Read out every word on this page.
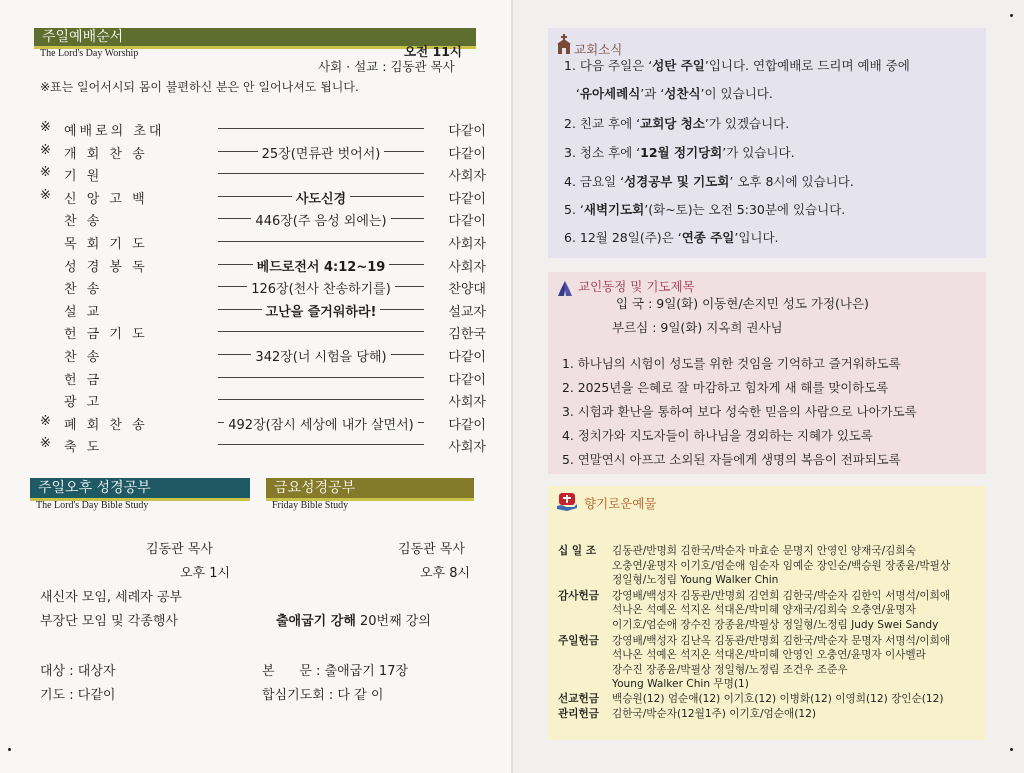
주일예배순서
The Lord's Day Worship	오전 11시
사회 · 설교 : 김동관 목사
※표는 일어서시되 몸이 불편하신 분은 안 일어나셔도 됩니다.
※	예배로의 초대	다같이
※	개 회 찬 송	25장(면류관 벗어서)	다같이
※	기 원	사회자
※	신 앙 고 백	사도신경	다같이
찬 송	446장(주 음성 외에는)	다같이
목 회 기 도	사회자
성 경 봉 독	베드로전서 4:12~19	사회자
찬 송	126장(천사 찬송하기를)	찬양대
설 교	고난을 즐거워하라!	설교자
헌 금 기 도	김한국
찬 송	342장(너 시험을 당해)	다같이
헌 금	다같이
광 고	사회자
※	폐 회 찬 송	492장(잠시 세상에 내가 살면서)	다같이
※	축 도	사회자
주일오후 성경공부
The Lord's Day Bible Study
김동관 목사
오후 1시
새신자 모임, 세례자 공부
부장단 모임 및 각종행사
대상 : 대상자
기도 : 다같이
금요성경공부
Friday Bible Study
김동관 목사
오후 8시
출애굽기 강해 20번째 강의
본      문 : 출애굽기 17장
합심기도회 : 다 같 이
교회소식
1. 다음 주일은 ‘성탄 주일’입니다. 연합예배로 드리며 예배 중에
‘유아세례식’과 ‘성찬식’이 있습니다.
2. 친교 후에 ‘교회당 청소’가 있겠습니다.
3. 청소 후에 ‘12월 정기당회’가 있습니다.
4. 금요일 ‘성경공부 및 기도회’ 오후 8시에 있습니다.
5. ‘새벽기도회’(화~토)는 오전 5:30분에 있습니다.
6. 12월 28일(주)은 ‘연종 주일’입니다.
교인동정 및 기도제목
입 국 : 9일(화) 이동현/손지민 성도 가정(나은)
부르심 : 9일(화) 지옥희 권사님
1. 하나님의 시험이 성도를 위한 것임을 기억하고 즐거워하도록
2. 2025년을 은혜로 잘 마감하고 힘차게 새 해를 맞이하도록
3. 시험과 환난을 통하여 보다 성숙한 믿음의 사람으로 나아가도록
4. 정치가와 지도자들이 하나님을 경외하는 지혜가 있도록
5. 연말연시 아프고 소외된 자들에게 생명의 복음이 전파되도록
향기로운예물
십 일 조 김동관/반명희 김한국/박순자 마효순 문명지 안영인 양재국/김희숙
오충연/윤명자 이기호/엄순애 임순자 임예순 장인순/백승원 장종윤/박필상
정일형/노정림 Young Walker Chin
감사헌금 강영배/백성자 김동관/반명희 김연희 김한국/박순자 김한익 서명석/이희애
석나온 석예온 석지온 석대온/박미혜 양재국/김희숙 오충연/윤명자
이기호/엄순애 장수진 장종윤/박필상 정일형/노정림 Judy Swei Sandy
주일헌금 강영배/백성자 김난옥 김동관/반명희 김한국/박순자 문명자 서명석/이희애
석나온 석예온 석지온 석대온/박미혜 안영인 오충연/윤명자 이사벨라
장수진 장종윤/박필상 정일형/노정림 조건우 조준우
Young Walker Chin 무명(1)
선교헌금 백승원(12) 엄순애(12) 이기호(12) 이병화(12) 이영희(12) 장인순(12)
관리헌금 김한국/박순자(12월1주) 이기호/엄순애(12)
